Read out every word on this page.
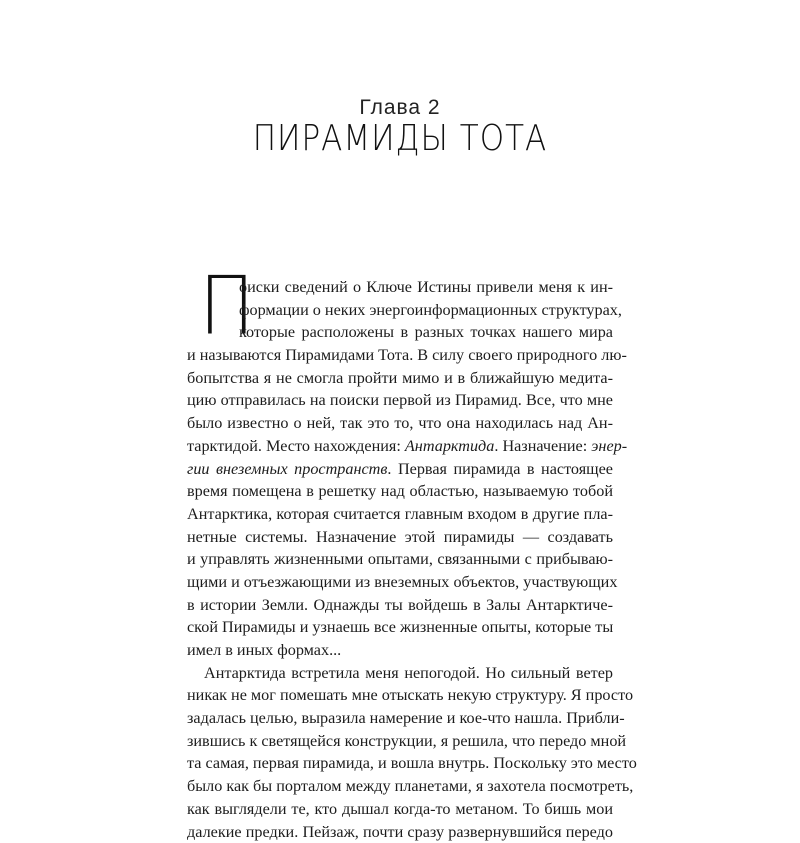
Глава 2
ПИРАМИДЫ ТОТА
П
оиски сведений о Ключе Истины привели меня к ин-
формации о неких энергоинформационных структурах,
которые расположены в разных точках нашего мира
и называются Пирамидами Тота. В силу своего природного лю-
бопытства я не смогла пройти мимо и в ближайшую медита-
цию отправилась на поиски первой из Пирамид. Все, что мне
было известно о ней, так это то, что она находилась над Ан-
тарктидой. Место нахождения: Антарктида. Назначение: энер-
гии внеземных пространств. Первая пирамида в настоящее
время помещена в решетку над областью, называемую тобой
Антарктика, которая считается главным входом в другие пла-
нетные системы. Назначение этой пирамиды — создавать
и управлять жизненными опытами, связанными с прибываю-
щими и отъезжающими из внеземных объектов, участвующих
в истории Земли. Однажды ты войдешь в Залы Антарктиче-
ской Пирамиды и узнаешь все жизненные опыты, которые ты
имел в иных формах...
Антарктида встретила меня непогодой. Но сильный ветер
никак не мог помешать мне отыскать некую структуру. Я просто
задалась целью, выразила намерение и кое-что нашла. Прибли-
зившись к светящейся конструкции, я решила, что передо мной
та самая, первая пирамида, и вошла внутрь. Поскольку это место
было как бы порталом между планетами, я захотела посмотреть,
как выглядели те, кто дышал когда-то метаном. То бишь мои
далекие предки. Пейзаж, почти сразу развернувшийся передо
